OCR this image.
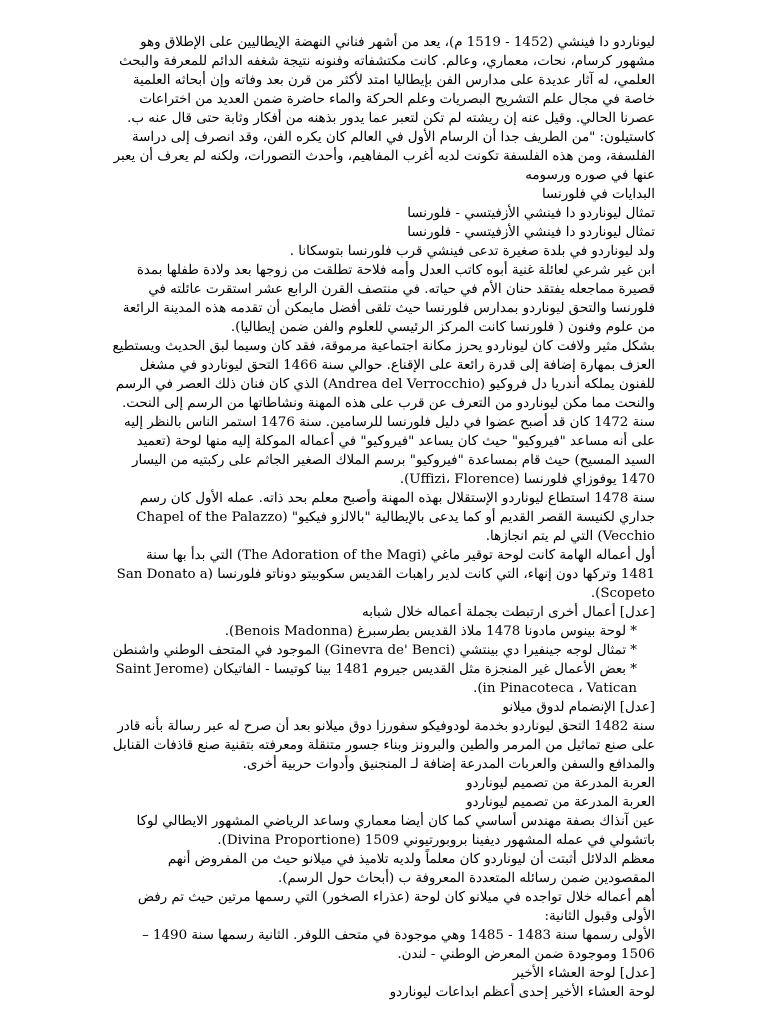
ليوناردو دا فينشي (1452 - 1519 م)، يعد من أشهر فناني النهضة الإيطاليين على الإطلاق وهو مشهور كرسام، نحات، معماري، وعالم. كانت مكتشفاته وفنونه نتيجة شغفه الدائم للمعرفة والبحث العلمي، له آثار عديدة على مدارس الفن بإيطاليا امتد لأكثر من قرن بعد وفاته وإن أبحاثه العلمية خاصة في مجال علم التشريح البصريات وعلم الحركة والماء حاضرة ضمن العديد من اختراعات عصرنا الحالي. وقيل عنه إن ريشته لم تكن لتعبر عما يدور بذهنه من أفكار وثابة حتى قال عنه ب. كاستيلون: "من الطريف جدا أن الرسام الأول في العالم كان يكره الفن، وقد انصرف إلى دراسة الفلسفة، ومن هذه الفلسفة تكونت لديه أغرب المفاهيم، وأحدث التصورات، ولكنه لم يعرف أن يعبر عنها في صوره ورسومه

البدايات في فلورنسا

تمثال ليوناردو دا فينشي الأزفيتسي - فلورنسا

تمثال ليوناردو دا فينشي الأزفيتسي - فلورنسا

ولد ليوناردو في بلدة صغيرة تدعى فينشي قرب فلورنسا بتوسكانا .

ابن غير شرعي لعائلة غنية أبوه كاتب العدل وأمه فلاحة تطلقت من زوجها بعد ولادة طفلها بمدة قصيرة مماجعله يفتقد حنان الأم في حياته. في منتصف القرن الرابع عشر استقرت عائلته في فلورنسا والتحق ليوناردو بمدارس فلورنسا حيث تلقى أفضل مايمكن أن تقدمه هذه المدينة الرائعة من علوم وفنون ( فلورنسا كانت المركز الرئيسي للعلوم والفن ضمن إيطاليا).

بشكل مثير ولافت كان ليوناردو يحرز مكانة اجتماعية مرموقة، فقد كان وسيما لبق الحديث ويستطيع العزف بمهارة إضافة إلى قدرة رائعة على الإقناع. حوالي سنة 1466 التحق ليوناردو في مشغل للفنون يملكه أندريا دل فروكيو (Andrea del Verrocchio) الذي كان فنان ذلك العصر في الرسم والنحت مما مكن ليوناردو من التعرف عن قرب على هذه المهنة ونشاطاتها من الرسم إلى النحت.

سنة 1472 كان قد أصبح عضوا في دليل فلورنسا للرسامين. سنة 1476 استمر الناس بالنظر إليه على أنه مساعد "فيروكيو" حيث كان يساعد "فيروكيو" في أعماله الموكلة إليه منها لوحة (تعميد السيد المسيح) حيث قام بمساعدة "فيروكيو" برسم الملاك الصغير الجاثم على ركبتيه من اليسار 1470 يوفوزاي فلورنسا (Uffizi، Florence).

سنة 1478 استطاع ليوناردو الإستقلال بهذه المهنة وأصبح معلم بحد ذاته. عمله الأول كان رسم جداري لكنيسة القصر القديم أو كما يدعى بالإيطالية "بالالزو فيكيو" (Chapel of the Palazzo Vecchio) التي لم يتم انجازها.

أول أعماله الهامة كانت لوحة توقير ماغي (The Adoration of the Magi) التي بدأ بها سنة 1481 وتركها دون إنهاء، التي كانت لدير راهبات القديس سكوبيتو دوناتو فلورنسا (San Donato a Scopeto).

[عدل] أعمال أخرى ارتبطت بجملة أعماله خلال شبابه

* لوحة بينوس مادونا 1478 ملاذ القديس بطرسبرغ (Benois Madonna).

* تمثال لوجه جينفيرا دي بينتشي (Ginevra de' Benci) الموجود في المتحف الوطني واشنطن

* بعض الأعمال غير المنجزة مثل القديس جيروم 1481 بينا كوتيسا - الفاتيكان (Saint Jerome in Pinacoteca ، Vatican).

[عدل] الإنضمام لدوق ميلانو

سنة 1482 التحق ليوناردو بخدمة لودوفيكو سفورزا دوق ميلانو بعد أن صرح له عبر رسالة بأنه قادر على صنع تماثيل من المرمر والطين والبرونز وبناء جسور متنقلة ومعرفته بتقنية صنع قاذفات القنابل والمدافع والسفن والعربات المدرعة إضافة لـ المنجنيق وأدوات حربية أخرى.

العربة المدرعة من تصميم ليوناردو

العربة المدرعة من تصميم ليوناردو

عين آنذاك بصفة مهندس أساسي كما كان أيضا معماري وساعد الرياضي المشهور الايطالي لوكا باتشولي في عمله المشهور ديفينا بروبورتيوني 1509 (Divina Proportione).

معظم الدلائل أثبتت أن ليوناردو كان معلماً ولديه تلاميذ في ميلانو حيث من المفروض أنهم المقصودين ضمن رسائله المتعددة المعروفة ب (أبحاث حول الرسم).

أهم أعماله خلال تواجده في ميلانو كان لوحة (عذراء الصخور) التي رسمها مرتين حيث تم رفض الأولى وقبول الثانية:

الأولى رسمها سنة 1483 - 1485 وهي موجودة في متحف اللوفر. الثانية رسمها سنة 1490 – 1506 وموجودة ضمن المعرض الوطني - لندن.

[عدل] لوحة العشاء الأخير

لوحة العشاء الأخير إحدى أعظم ابداعات ليوناردو
